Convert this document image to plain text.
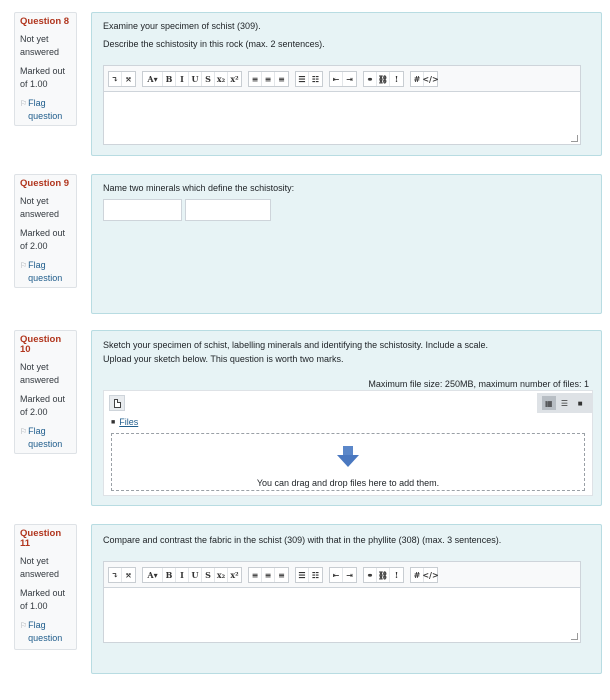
Question 8
Not yet answered
Marked out of 1.00
⚐ Flag question
Examine your specimen of schist (309).
Describe the schistosity in this rock (max. 2 sentences).
↴ ⤧	A▾	B I U S x₂ x²	≡ ≡ ≡	☰ ☷	⇤ ⇥	⚭ ⛓ !	# </>
Question 9
Not yet answered
Marked out of 2.00
⚐ Flag question
Name two minerals which define the schistosity:
Question 10
Not yet answered
Marked out of 2.00
⚐ Flag question
Sketch your specimen of schist, labelling minerals and identifying the schistosity. Include a scale.
Upload your sketch below. This question is worth two marks.
Maximum file size: 250MB, maximum number of files: 1
▦	☰	■
■ Files
You can drag and drop files here to add them.
Question 11
Not yet answered
Marked out of 1.00
⚐ Flag question
Compare and contrast the fabric in the schist (309) with that in the phyllite (308) (max. 3 sentences).
↴ ⤧	A▾	B I U S x₂ x²	≡ ≡ ≡	☰ ☷	⇤ ⇥	⚭ ⛓ !	# </>
